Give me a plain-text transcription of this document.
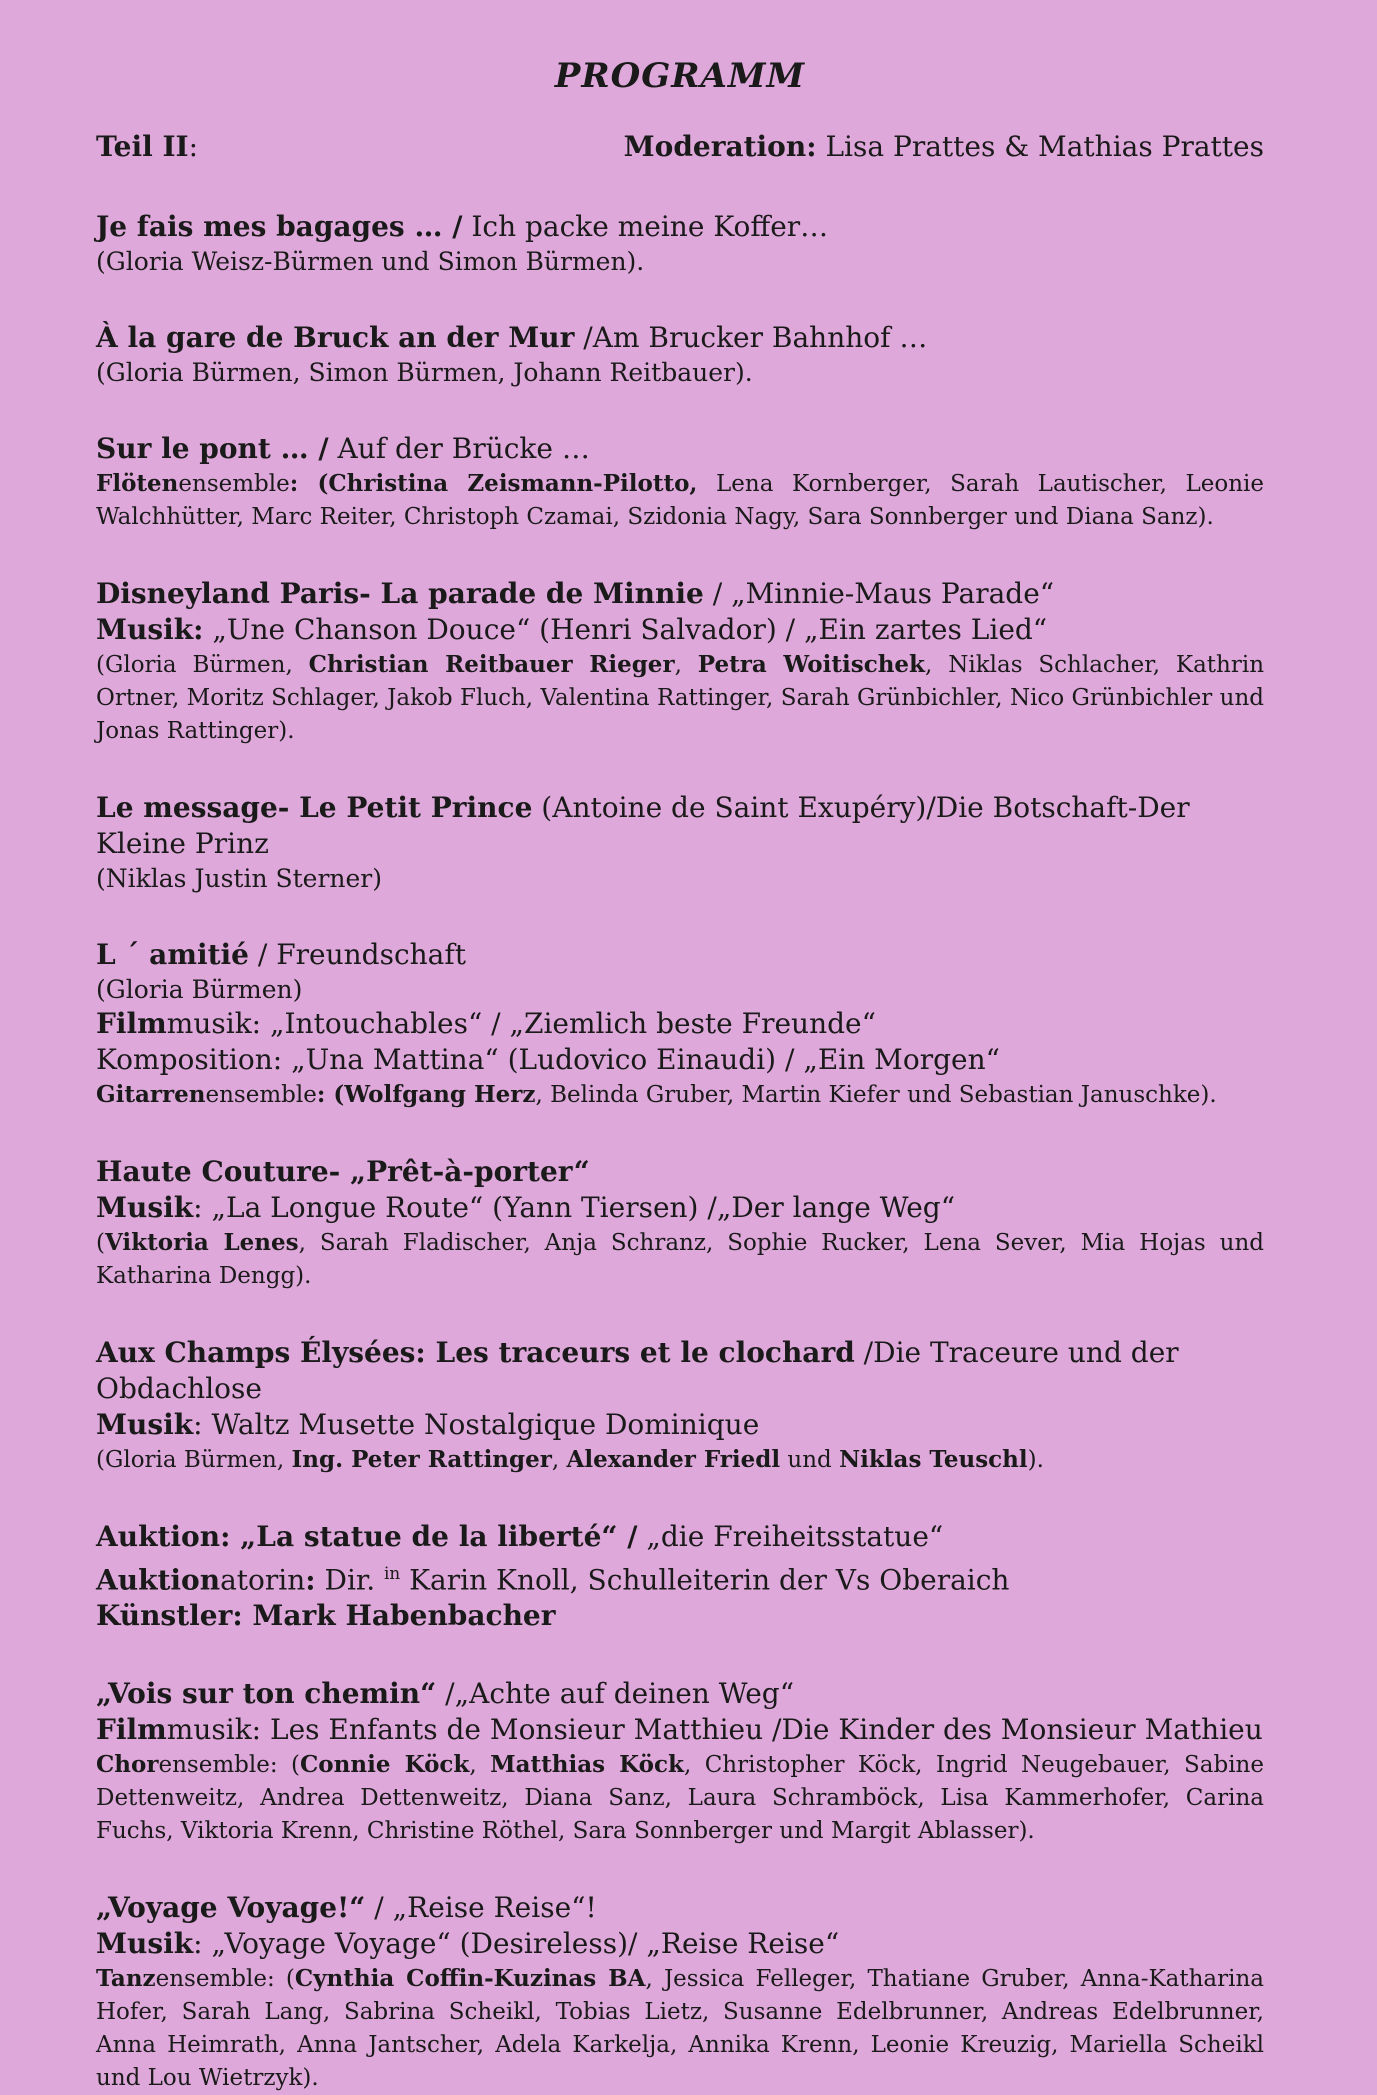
PROGRAMM
Teil II:	Moderation: Lisa Prattes & Mathias Prattes
Je fais mes bagages … / Ich packe meine Koffer…
(Gloria Weisz-Bürmen und Simon Bürmen).
À la gare de Bruck an der Mur /Am Brucker Bahnhof …
(Gloria Bürmen, Simon Bürmen, Johann Reitbauer).
Sur le pont … / Auf der Brücke …
Flötenensemble: (Christina Zeismann-Pilotto, Lena Kornberger, Sarah Lautischer, Leonie Walchhütter, Marc Reiter, Christoph Czamai, Szidonia Nagy, Sara Sonnberger und Diana Sanz).
Disneyland Paris- La parade de Minnie / „Minnie-Maus Parade“
Musik: „Une Chanson Douce“ (Henri Salvador) / „Ein zartes Lied“
(Gloria Bürmen, Christian Reitbauer Rieger, Petra Woitischek, Niklas Schlacher, Kathrin Ortner, Moritz Schlager, Jakob Fluch, Valentina Rattinger, Sarah Grünbichler, Nico Grünbichler und Jonas Rattinger).
Le message- Le Petit Prince (Antoine de Saint Exupéry)/Die Botschaft-Der Kleine Prinz
(Niklas Justin Sterner)
L ´ amitié / Freundschaft
(Gloria Bürmen)
Filmmusik: „Intouchables“ / „Ziemlich beste Freunde“
Komposition: „Una Mattina“ (Ludovico Einaudi) / „Ein Morgen“
Gitarrenensemble: (Wolfgang Herz, Belinda Gruber, Martin Kiefer und Sebastian Januschke).
Haute Couture- „Prêt-à-porter“
Musik: „La Longue Route“ (Yann Tiersen) /„Der lange Weg“
(Viktoria Lenes, Sarah Fladischer, Anja Schranz, Sophie Rucker, Lena Sever, Mia Hojas und Katharina Dengg).
Aux Champs Élysées: Les traceurs et le clochard /Die Traceure und der Obdachlose
Musik: Waltz Musette Nostalgique Dominique
(Gloria Bürmen, Ing. Peter Rattinger, Alexander Friedl und Niklas Teuschl).
Auktion: „La statue de la liberté“ / „die Freiheitsstatue“
Auktionatorin: Dir. $^{in}$ Karin Knoll, Schulleiterin der Vs Oberaich
Künstler: Mark Habenbacher
„Vois sur ton chemin“ /„Achte auf deinen Weg“
Filmmusik: Les Enfants de Monsieur Matthieu /Die Kinder des Monsieur Mathieu
Chorensemble: (Connie Köck, Matthias Köck, Christopher Köck, Ingrid Neugebauer, Sabine Dettenweitz, Andrea Dettenweitz, Diana Sanz, Laura Schramböck, Lisa Kammerhofer, Carina Fuchs, Viktoria Krenn, Christine Röthel, Sara Sonnberger und Margit Ablasser).
„Voyage Voyage!“ / „Reise Reise“!
Musik: „Voyage Voyage“ (Desireless)/ „Reise Reise“
Tanzensemble: (Cynthia Coffin-Kuzinas BA, Jessica Felleger, Thatiane Gruber, Anna-Katharina Hofer, Sarah Lang, Sabrina Scheikl, Tobias Lietz, Susanne Edelbrunner, Andreas Edelbrunner, Anna Heimrath, Anna Jantscher, Adela Karkelja, Annika Krenn, Leonie Kreuzig, Mariella Scheikl und Lou Wietrzyk).
